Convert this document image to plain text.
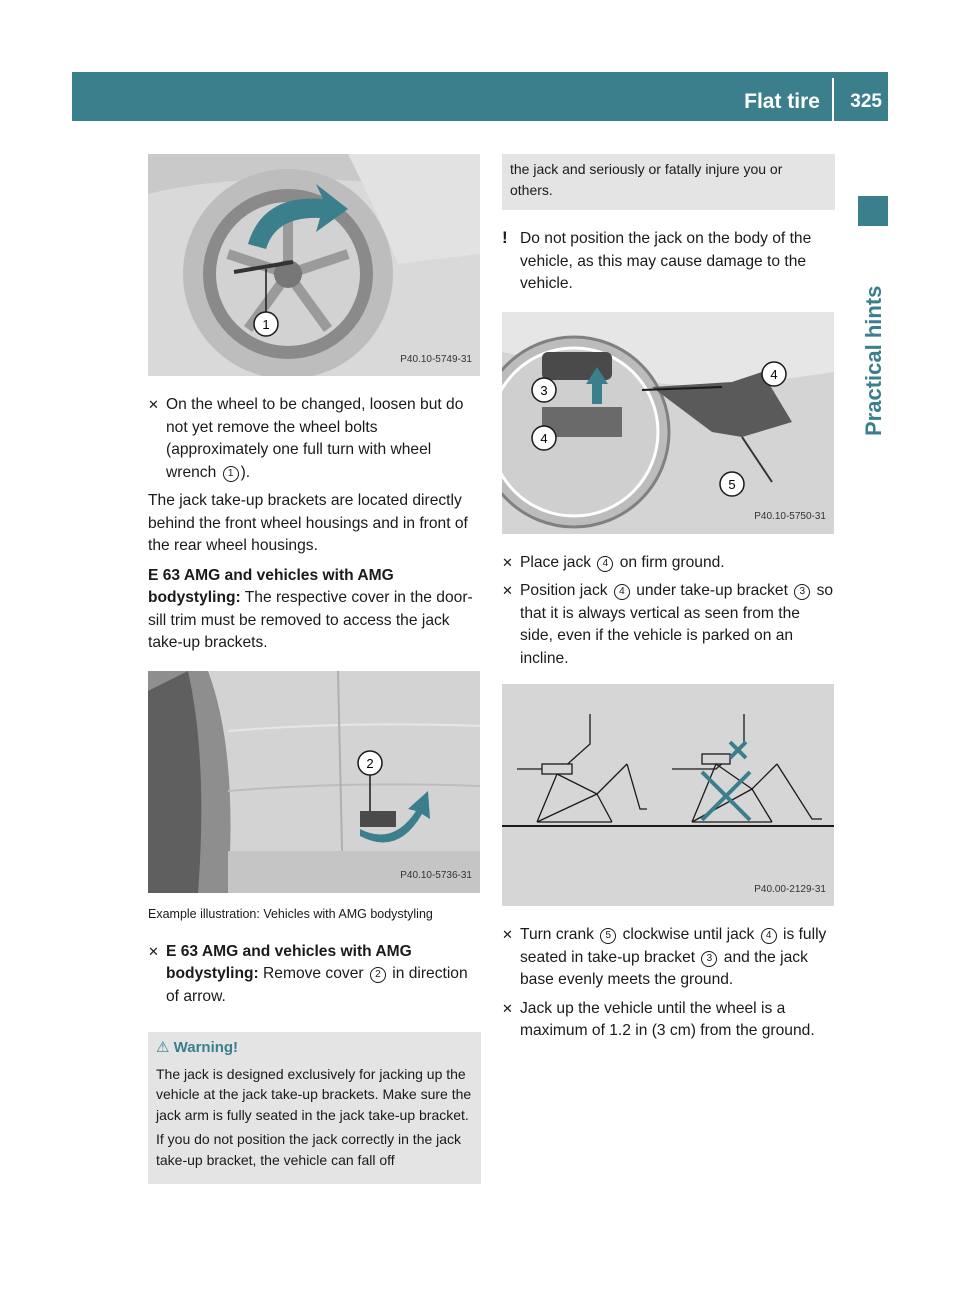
Flat tire 325
Practical hints
1
P40.10-5749-31
✕ On the wheel to be changed, loosen but do not yet remove the wheel bolts (approximately one full turn with wheel wrench 1 ).

The jack take-up brackets are located directly behind the front wheel housings and in front of the rear wheel housings.

E 63 AMG and vehicles with AMG bodystyling: The respective cover in the door-sill trim must be removed to access the jack take-up brackets.

2
P40.10-5736-31
Example illustration: Vehicles with AMG bodystyling
✕ E 63 AMG and vehicles with AMG bodystyling: Remove cover 2 in direction of arrow.
⚠ Warning!

The jack is designed exclusively for jacking up the vehicle at the jack take-up brackets. Make sure the jack arm is fully seated in the jack take-up bracket.

If you do not position the jack correctly in the jack take-up bracket, the vehicle can fall off

the jack and seriously or fatally injure you or others.

! Do not position the jack on the body of the vehicle, as this may cause damage to the vehicle.
3
4
4
5
P40.10-5750-31
✕ Place jack 4 on firm ground.
✕ Position jack 4 under take-up bracket 3 so that it is always vertical as seen from the side, even if the vehicle is parked on an incline.
P40.00-2129-31
✕ Turn crank 5 clockwise until jack 4 is fully seated in take-up bracket 3 and the jack base evenly meets the ground.
✕ Jack up the vehicle until the wheel is a maximum of 1.2 in (3 cm) from the ground.
